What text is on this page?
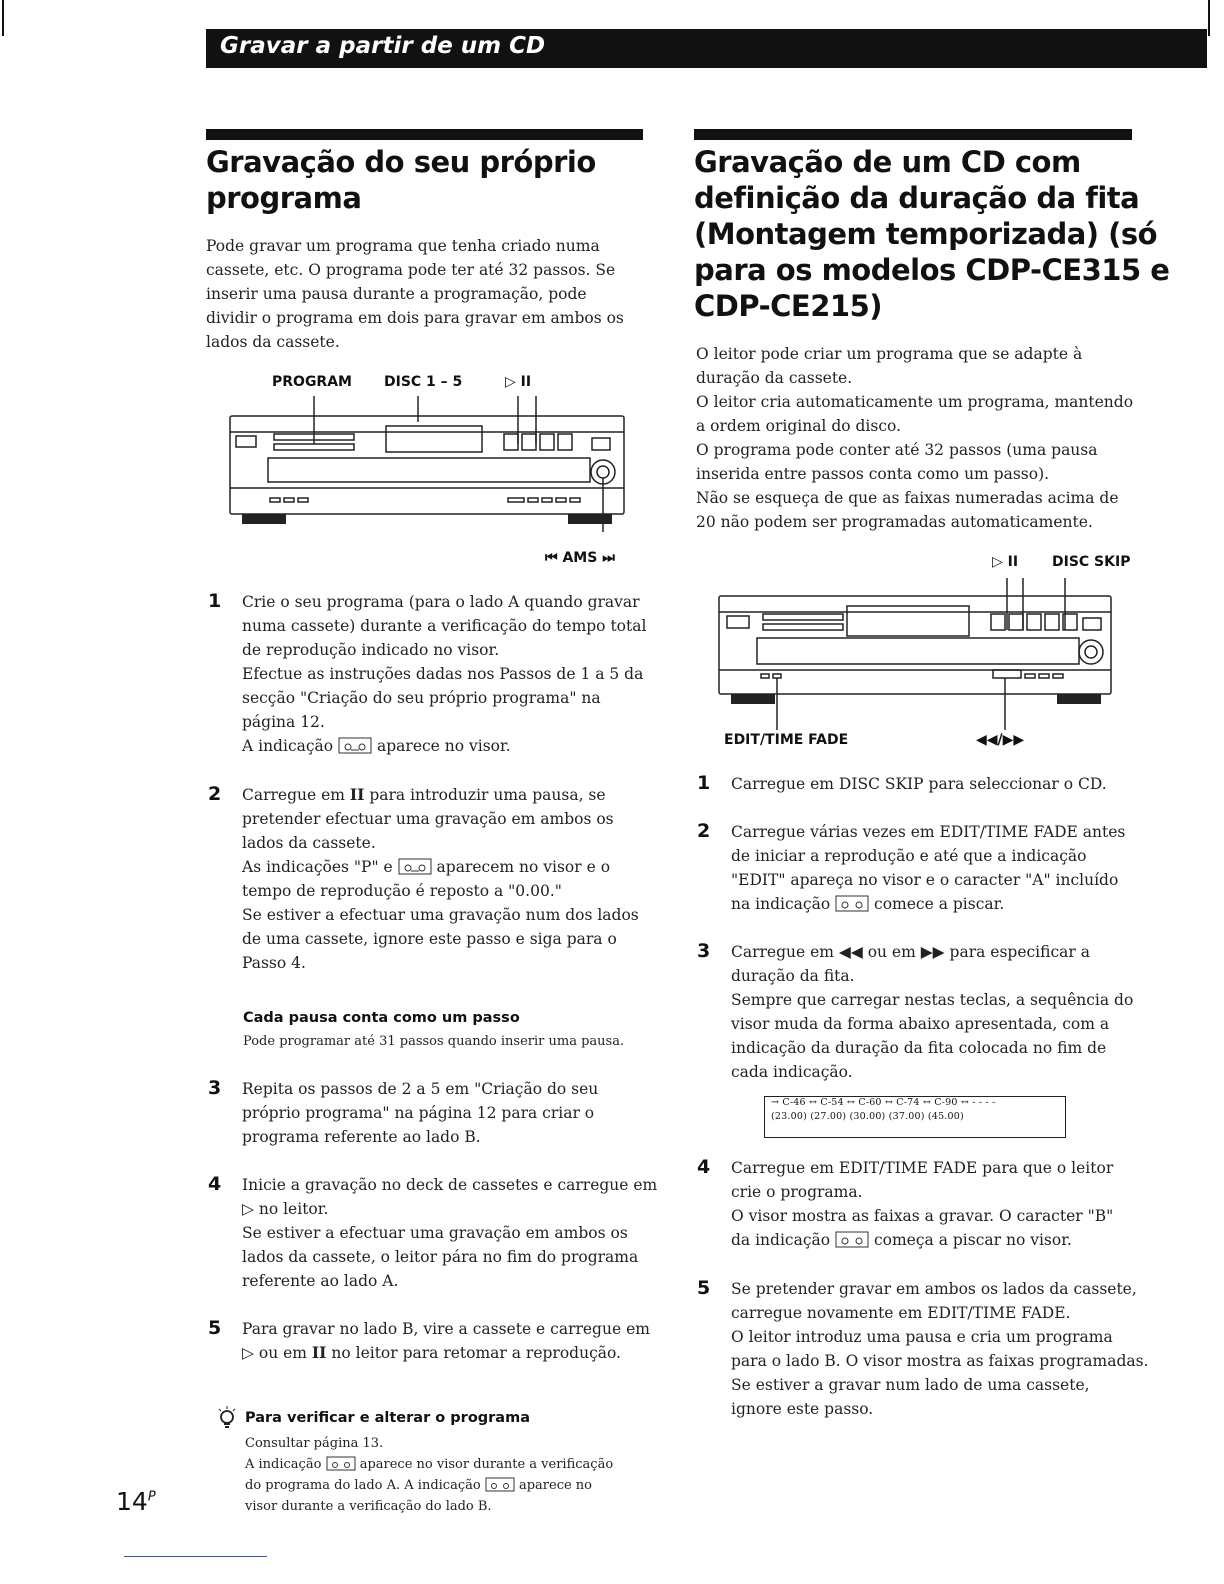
Gravar a partir de um CD
Gravação do seu próprio
programa

Pode gravar um programa que tenha criado numa
cassete, etc. O programa pode ter até 32 passos. Se
inserir uma pausa durante a programação, pode
dividir o programa em dois para gravar em ambos os
lados da cassete.

PROGRAM DISC 1 – 5	▷ II
⏮ AMS ⏭
1 Crie o seu programa (para o lado A quando gravar
numa cassete) durante a verificação do tempo total
de reprodução indicado no visor.
Efectue as instruções dadas nos Passos de 1 a 5 da
secção "Criação do seu próprio programa" na
página 12.
A indicação	aparece no visor.
2 Carregue em II para introduzir uma pausa, se
pretender efectuar uma gravação em ambos os
lados da cassete.
As indicações "P" e	aparecem no visor e o
tempo de reprodução é reposto a "0.00."
Se estiver a efectuar uma gravação num dos lados
de uma cassete, ignore este passo e siga para o
Passo 4.
Cada pausa conta como um passo
Pode programar até 31 passos quando inserir uma pausa.
3 Repita os passos de 2 a 5 em "Criação do seu
próprio programa" na página 12 para criar o
programa referente ao lado B.
4 Inicie a gravação no deck de cassetes e carregue em
▷ no leitor.
Se estiver a efectuar uma gravação em ambos os
lados da cassete, o leitor pára no fim do programa
referente ao lado A.
5 Para gravar no lado B, vire a cassete e carregue em
▷ ou em II no leitor para retomar a reprodução.
Para verificar e alterar o programa
Consultar página 13.
A indicação	aparece no visor durante a verificação
do programa do lado A. A indicação	aparece no
visor durante a verificação do lado B.
$14^P$
Gravação de um CD com
definição da duração da fita
(Montagem temporizada) (só
para os modelos CDP-CE315 e
CDP-CE215)

O leitor pode criar um programa que se adapte à
duração da cassete.
O leitor cria automaticamente um programa, mantendo
a ordem original do disco.
O programa pode conter até 32 passos (uma pausa
inserida entre passos conta como um passo).
Não se esqueça de que as faixas numeradas acima de
20 não podem ser programadas automaticamente.

▷ II DISC SKIP
EDIT/TIME FADE	◀◀/▶▶
1 Carregue em DISC SKIP para seleccionar o CD.
2 Carregue várias vezes em EDIT/TIME FADE antes
de iniciar a reprodução e até que a indicação
"EDIT" apareça no visor e o caracter "A" incluído
na indicação	comece a piscar.
3 Carregue em ◀◀ ou em ▶▶ para especificar a
duração da fita.
Sempre que carregar nestas teclas, a sequência do
visor muda da forma abaixo apresentada, com a
indicação da duração da fita colocada no fim de
cada indicação.
→ C-46 ↔ C-54 ↔ C-60 ↔ C-74 ↔ C-90 ↔ - - - -
(23.00) (27.00) (30.00) (37.00) (45.00)
4 Carregue em EDIT/TIME FADE para que o leitor
crie o programa.
O visor mostra as faixas a gravar. O caracter "B"
da indicação	começa a piscar no visor.
5 Se pretender gravar em ambos os lados da cassete,
carregue novamente em EDIT/TIME FADE.
O leitor introduz uma pausa e cria um programa
para o lado B. O visor mostra as faixas programadas.
Se estiver a gravar num lado de uma cassete,
ignore este passo.
